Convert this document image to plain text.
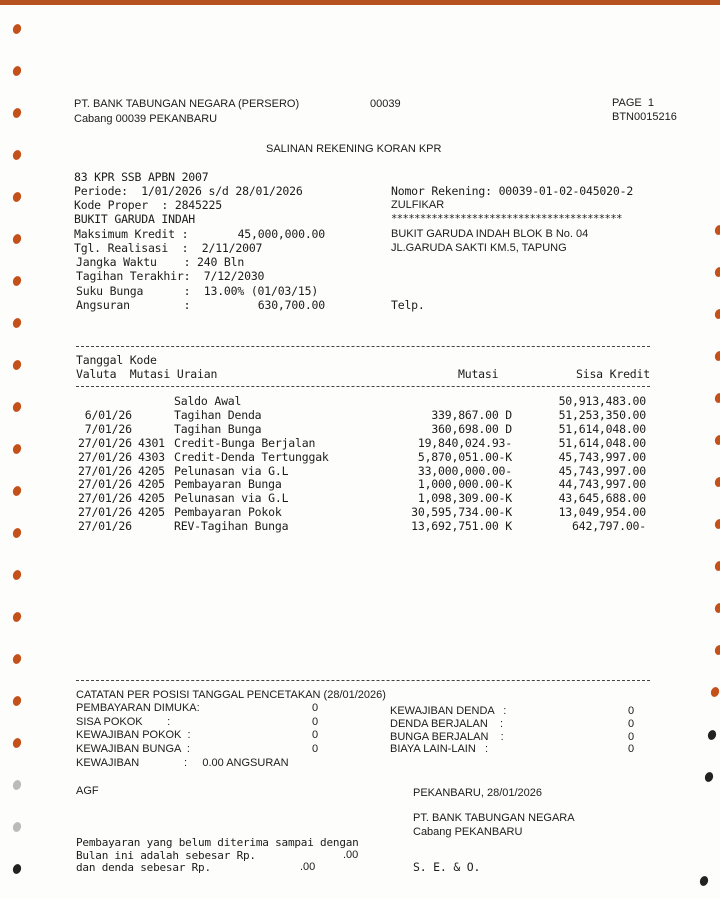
PT. BANK TABUNGAN NEGARA (PERSERO)
Cabang 00039 PEKANBARU
00039	PAGE  1
BTN0015216
SALINAN REKENING KORAN KPR
83 KPR SSB APBN 2007
Periode:  1/01/2026 s/d 28/01/2026
Kode Proper  : 2845225
BUKIT GARUDA INDAH
Maksimum Kredit :	45,000,000.00
Tgl. Realisasi  :  2/11/2007
Jangka Waktu    : 240 Bln
Tagihan Terakhir:  7/12/2030
Suku Bunga      :  13.00% (01/03/15)
Angsuran        :	630,700.00
Nomor Rekening: 00039-01-02-045020-2
ZULFIKAR
****************************************
BUKIT GARUDA INDAH BLOK B No. 04
JL.GARUDA SAKTI KM.5, TAPUNG
Telp.
Tanggal Kode
Valuta  Mutasi Uraian	Mutasi	Sisa Kredit
Saldo Awal	50,913,483.00
6/01/26	Tagihan Denda	339,867.00 D	51,253,350.00
7/01/26	Tagihan Bunga	360,698.00 D	51,614,048.00
27/01/26 4301 Credit-Bunga Berjalan	19,840,024.93-	51,614,048.00
27/01/26 4303 Credit-Denda Tertunggak	5,870,051.00-K	45,743,997.00
27/01/26 4205 Pelunasan via G.L	33,000,000.00-	45,743,997.00
27/01/26 4205 Pembayaran Bunga	1,000,000.00-K	44,743,997.00
27/01/26 4205 Pelunasan via G.L	1,098,309.00-K	43,645,688.00
27/01/26 4205 Pembayaran Pokok	30,595,734.00-K	13,049,954.00
27/01/26	REV-Tagihan Bunga	13,692,751.00 K	642,797.00-
CATATAN PER POSISI TANGGAL PENCETAKAN (28/01/2026)
PEMBAYARAN DIMUKA:	0
SISA POKOK        :	0
KEWAJIBAN POKOK  :	0
KEWAJIBAN BUNGA  :	0
KEWAJIBAN DENDA   :	0
DENDA BERJALAN    :	0
BUNGA BERJALAN    :	0
BIAYA LAIN-LAIN   :	0
KEWAJIBAN	:     0.00 ANGSURAN
AGF	PEKANBARU, 28/01/2026
PT. BANK TABUNGAN NEGARA
Cabang PEKANBARU
Pembayaran yang belum diterima sampai dengan
Bulan ini adalah sebesar Rp.	.00
dan denda sebesar Rp.	.00	S. E. & O.
